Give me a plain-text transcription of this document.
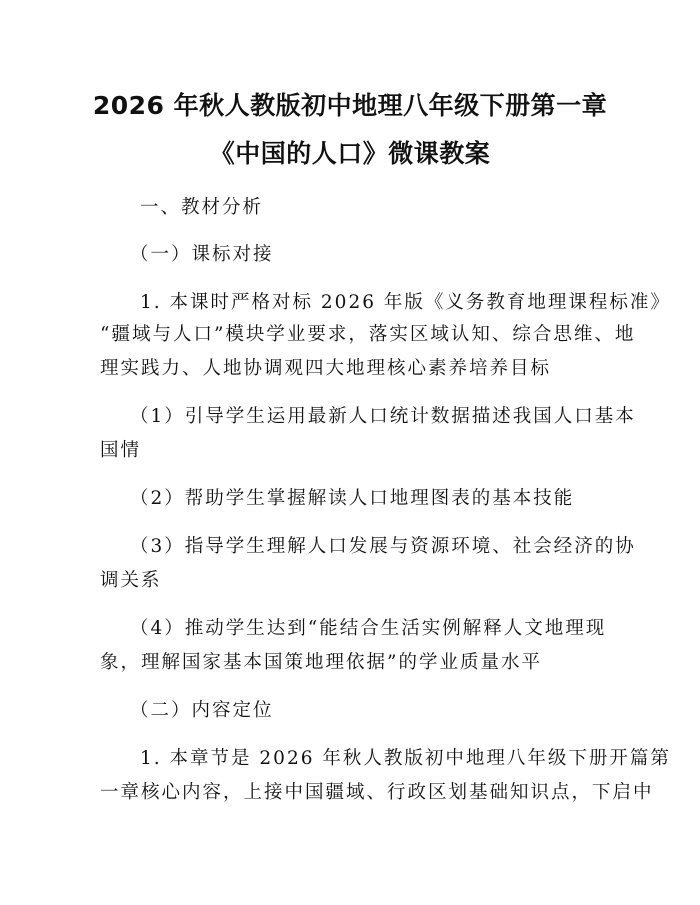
2026 年秋人教版初中地理八年级下册第一章
《中国的人口》微课教案
一、教材分析
（一）课标对接
1. 本课时严格对标 2026 年版《义务教育地理课程标准》
“疆域与人口”模块学业要求，落实区域认知、综合思维、地
理实践力、人地协调观四大地理核心素养培养目标
（1）引导学生运用最新人口统计数据描述我国人口基本
国情
（2）帮助学生掌握解读人口地理图表的基本技能
（3）指导学生理解人口发展与资源环境、社会经济的协
调关系
（4）推动学生达到“能结合生活实例解释人文地理现
象，理解国家基本国策地理依据”的学业质量水平
（二）内容定位
1. 本章节是 2026 年秋人教版初中地理八年级下册开篇第
一章核心内容，上接中国疆域、行政区划基础知识点，下启中
